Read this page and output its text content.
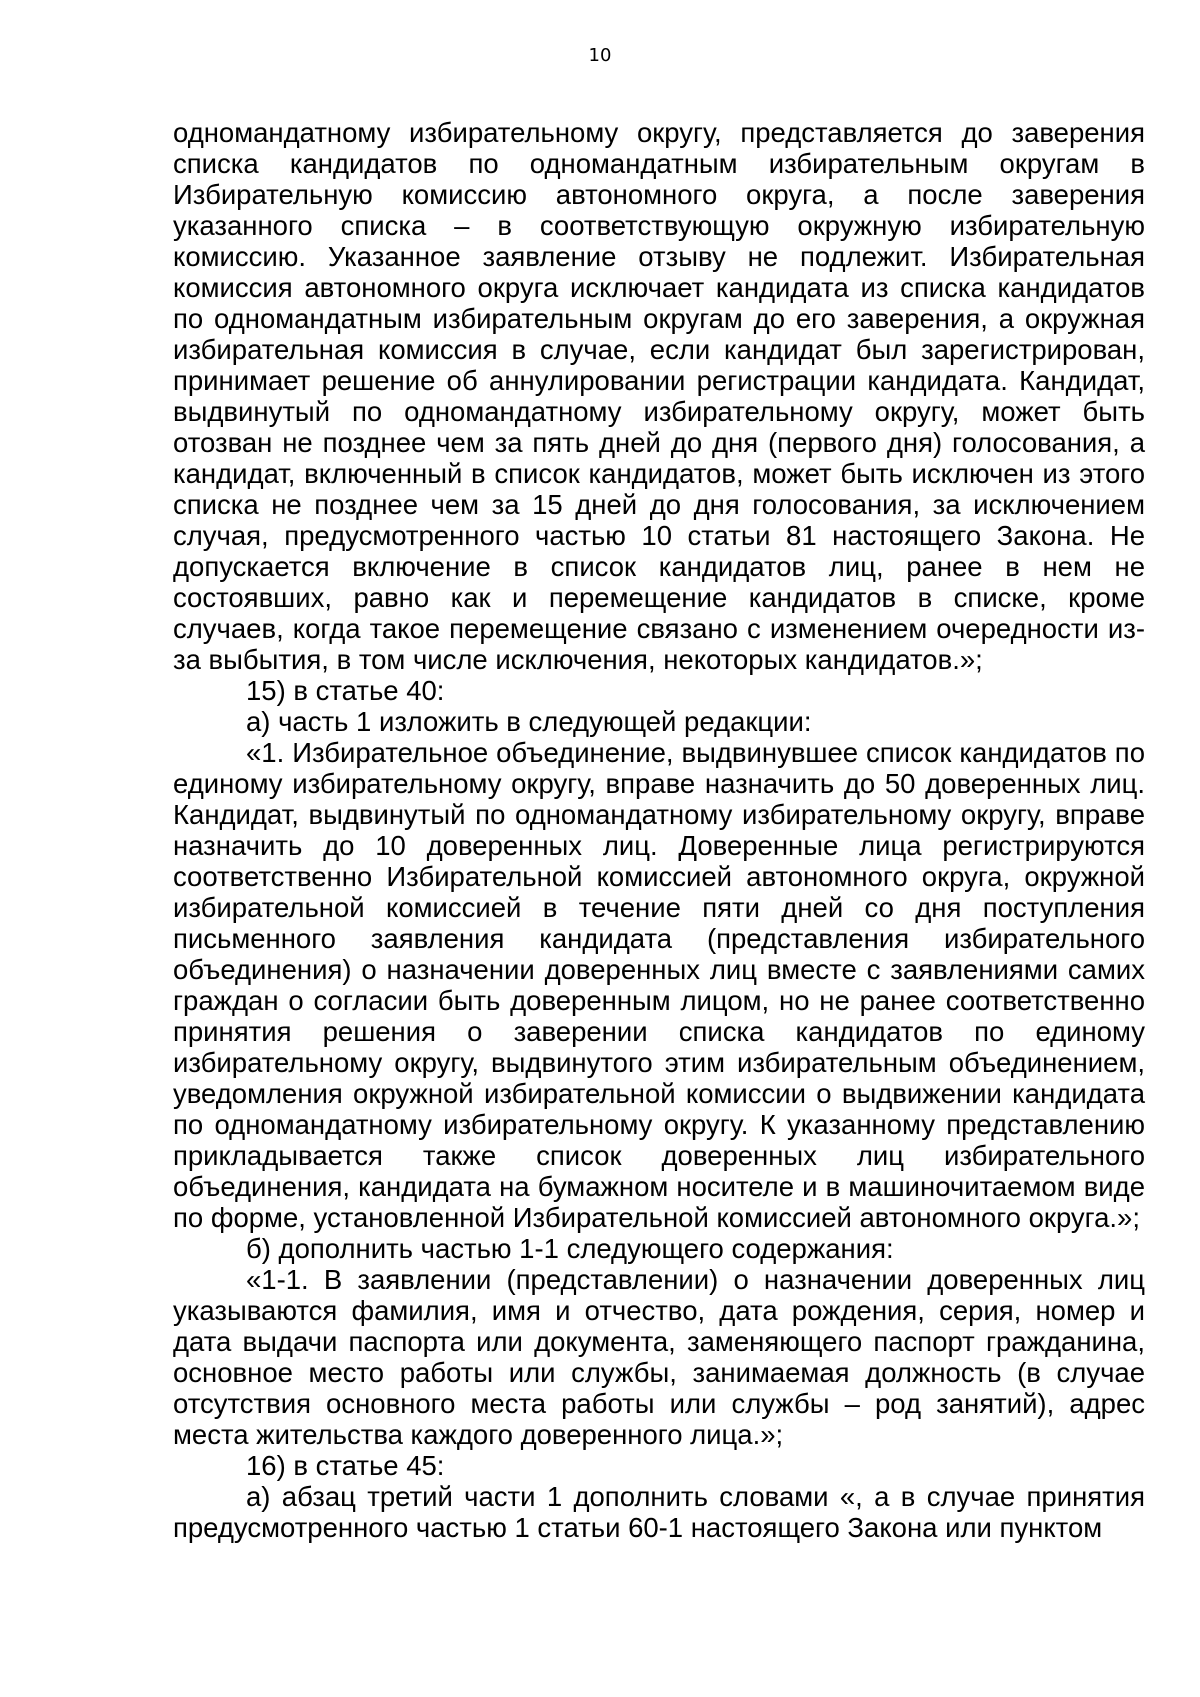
10

одномандатному избирательному округу, представляется до заверения списка кандидатов по одномандатным избирательным округам в Избирательную комиссию автономного округа, а после заверения указанного списка – в соответствующую окружную избирательную комиссию. Указанное заявление отзыву не подлежит. Избирательная комиссия автономного округа исключает кандидата из списка кандидатов по одномандатным избирательным округам до его заверения, а окружная избирательная комиссия в случае, если кандидат был зарегистрирован, принимает решение об аннулировании регистрации кандидата. Кандидат, выдвинутый по одномандатному избирательному округу, может быть отозван не позднее чем за пять дней до дня (первого дня) голосования, а кандидат, включенный в список кандидатов, может быть исключен из этого списка не позднее чем за 15 дней до дня голосования, за исключением случая, предусмотренного частью 10 статьи 81 настоящего Закона. Не допускается включение в список кандидатов лиц, ранее в нем не состоявших, равно как и перемещение кандидатов в списке, кроме случаев, когда такое перемещение связано с изменением очередности из-за выбытия, в том числе исключения, некоторых кандидатов.»;

15) в статье 40:

а) часть 1 изложить в следующей редакции:

«1. Избирательное объединение, выдвинувшее список кандидатов по единому избирательному округу, вправе назначить до 50 доверенных лиц. Кандидат, выдвинутый по одномандатному избирательному округу, вправе назначить до 10 доверенных лиц. Доверенные лица регистрируются соответственно Избирательной комиссией автономного округа, окружной избирательной комиссией в течение пяти дней со дня поступления письменного заявления кандидата (представления избирательного объединения) о назначении доверенных лиц вместе с заявлениями самих граждан о согласии быть доверенным лицом, но не ранее соответственно принятия решения о заверении списка кандидатов по единому избирательному округу, выдвинутого этим избирательным объединением, уведомления окружной избирательной комиссии о выдвижении кандидата по одномандатному избирательному округу. К указанному представлению прикладывается также список доверенных лиц избирательного объединения, кандидата на бумажном носителе и в машиночитаемом виде по форме, установленной Избирательной комиссией автономного округа.»;

б) дополнить частью 1-1 следующего содержания:

«1-1. В заявлении (представлении) о назначении доверенных лиц указываются фамилия, имя и отчество, дата рождения, серия, номер и дата выдачи паспорта или документа, заменяющего паспорт гражданина, основное место работы или службы, занимаемая должность (в случае отсутствия основного места работы или службы – род занятий), адрес места жительства каждого доверенного лица.»;

16) в статье 45:

а) абзац третий части 1 дополнить словами «, а в случае принятия предусмотренного частью 1 статьи 60-1 настоящего Закона или пунктом
